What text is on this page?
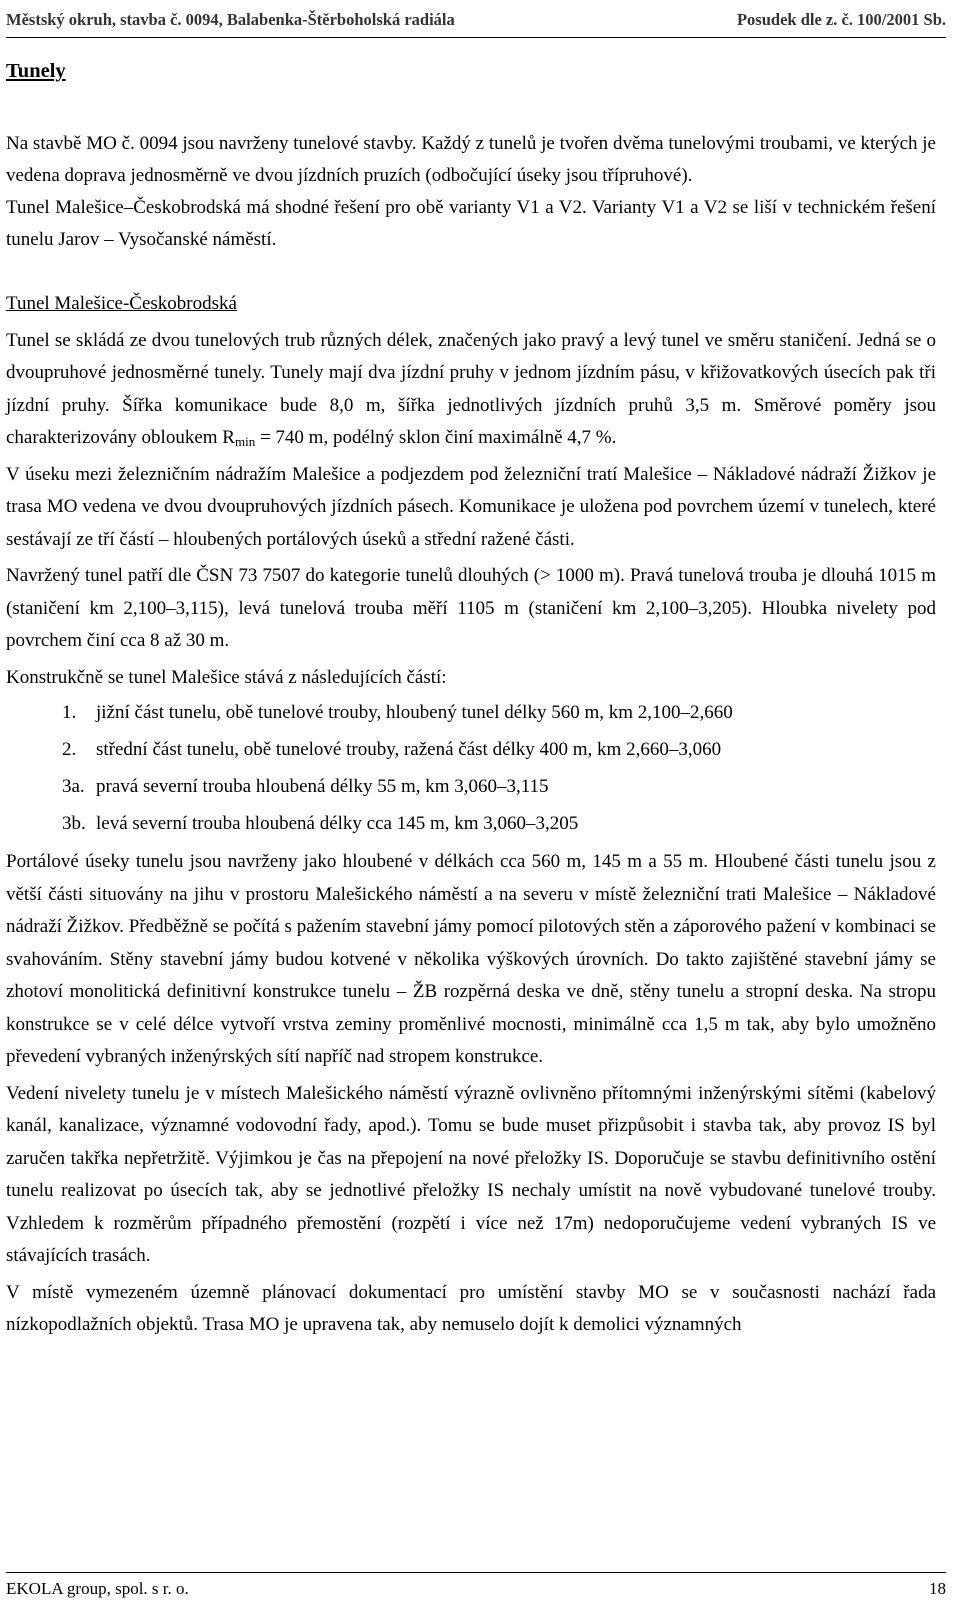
Městský okruh, stavba č. 0094, Balabenka-Štěrboholská radiála	Posudek dle z. č. 100/2001 Sb.
Tunely

Na stavbě MO č. 0094 jsou navrženy tunelové stavby. Každý z tunelů je tvořen dvěma tunelovými troubami, ve kterých je vedena doprava jednosměrně ve dvou jízdních pruzích (odbočující úseky jsou třípruhové).

Tunel Malešice–Českobrodská má shodné řešení pro obě varianty V1 a V2. Varianty V1 a V2 se liší v technickém řešení tunelu Jarov – Vysočanské náměstí.

Tunel Malešice-Českobrodská

Tunel se skládá ze dvou tunelových trub různých délek, značených jako pravý a levý tunel ve směru staničení. Jedná se o dvoupruhové jednosměrné tunely. Tunely mají dva jízdní pruhy v jednom jízdním pásu, v křižovatkových úsecích pak tři jízdní pruhy. Šířka komunikace bude 8,0 m, šířka jednotlivých jízdních pruhů 3,5 m. Směrové poměry jsou charakterizovány obloukem $R_{min} = 740$ m, podélný sklon činí maximálně 4,7 %.

V úseku mezi železničním nádražím Malešice a podjezdem pod železniční tratí Malešice – Nákladové nádraží Žižkov je trasa MO vedena ve dvou dvoupruhových jízdních pásech. Komunikace je uložena pod povrchem území v tunelech, které sestávají ze tří částí – hloubených portálových úseků a střední ražené části.

Navržený tunel patří dle ČSN 73 7507 do kategorie tunelů dlouhých (> 1000 m). Pravá tunelová trouba je dlouhá 1015 m (staničení km 2,100–3,115), levá tunelová trouba měří 1105 m (staničení km 2,100–3,205). Hloubka nivelety pod povrchem činí cca 8 až 30 m.

Konstrukčně se tunel Malešice stává z následujících částí:

1. jižní část tunelu, obě tunelové trouby, hloubený tunel délky 560 m, km 2,100–2,660
2. střední část tunelu, obě tunelové trouby, ražená část délky 400 m, km 2,660–3,060
3a. pravá severní trouba hloubená délky 55 m, km 3,060–3,115
3b. levá severní trouba hloubená délky cca 145 m, km 3,060–3,205

Portálové úseky tunelu jsou navrženy jako hloubené v délkách cca 560 m, 145 m a 55 m. Hloubené části tunelu jsou z větší části situovány na jihu v prostoru Malešického náměstí a na severu v místě železniční trati Malešice – Nákladové nádraží Žižkov. Předběžně se počítá s pažením stavební jámy pomocí pilotových stěn a záporového pažení v kombinaci se svahováním. Stěny stavební jámy budou kotvené v několika výškových úrovních. Do takto zajištěné stavební jámy se zhotoví monolitická definitivní konstrukce tunelu – ŽB rozpěrná deska ve dně, stěny tunelu a stropní deska. Na stropu konstrukce se v celé délce vytvoří vrstva zeminy proměnlivé mocnosti, minimálně cca 1,5 m tak, aby bylo umožněno převedení vybraných inženýrských sítí napříč nad stropem konstrukce.

Vedení nivelety tunelu je v místech Malešického náměstí výrazně ovlivněno přítomnými inženýrskými sítěmi (kabelový kanál, kanalizace, významné vodovodní řady, apod.). Tomu se bude muset přizpůsobit i stavba tak, aby provoz IS byl zaručen takřka nepřetržitě. Výjimkou je čas na přepojení na nové přeložky IS. Doporučuje se stavbu definitivního ostění tunelu realizovat po úsecích tak, aby se jednotlivé přeložky IS nechaly umístit na nově vybudované tunelové trouby. Vzhledem k rozměrům případného přemostění (rozpětí i více než 17m) nedoporučujeme vedení vybraných IS ve stávajících trasách.

V místě vymezeném územně plánovací dokumentací pro umístění stavby MO se v současnosti nachází řada nízkopodlažních objektů. Trasa MO je upravena tak, aby nemuselo dojít k demolici významných

EKOLA group, spol. s r. o.	18
